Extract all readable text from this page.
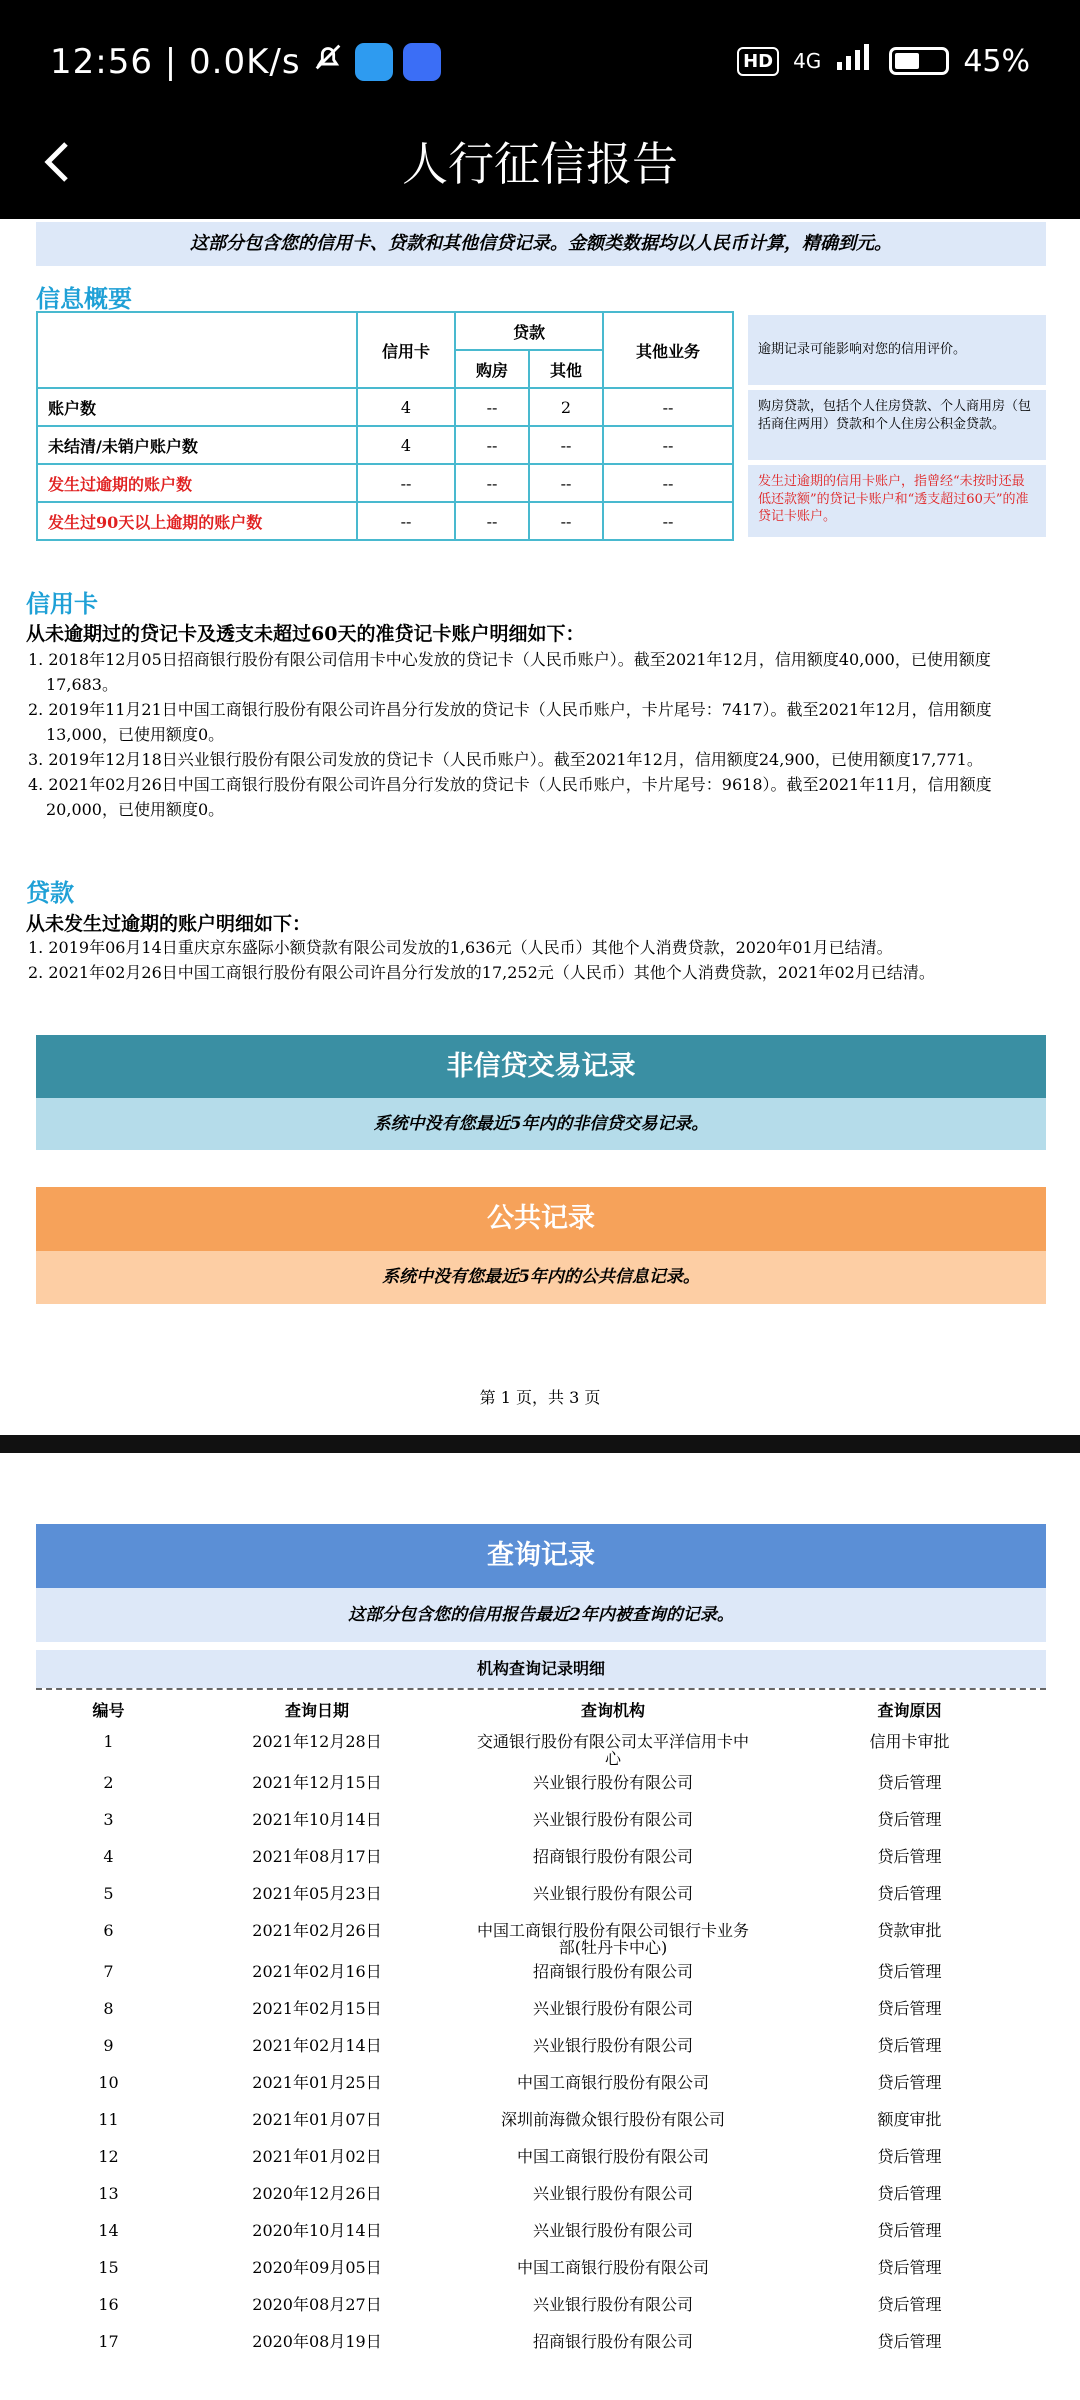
12:56 | 0.0K/s	HD	4G	45%
人行征信报告
这部分包含您的信用卡、贷款和其他信贷记录。金额类数据均以人民币计算，精确到元。
信息概要
	信用卡	贷款		其他业务
		购房	其他	
账户数	4	--	2	--
未结清/未销户账户数	4	--	--	--
发生过逾期的账户数	--	--	--	--
发生过90天以上逾期的账户数	--	--	--	--
逾期记录可能影响对您的信用评价。
购房贷款，包括个人住房贷款、个人商用房（包括商住两用）贷款和个人住房公积金贷款。
发生过逾期的信用卡账户，指曾经“未按时还最低还款额”的贷记卡账户和“透支超过60天”的准贷记卡账户。
信用卡
从未逾期过的贷记卡及透支未超过60天的准贷记卡账户明细如下：
1. 2018年12月05日招商银行股份有限公司信用卡中心发放的贷记卡（人民币账户）。截至2021年12月，信用额度40,000，已使用额度17,683。
2. 2019年11月21日中国工商银行股份有限公司许昌分行发放的贷记卡（人民币账户，卡片尾号：7417）。截至2021年12月，信用额度13,000，已使用额度0。
3. 2019年12月18日兴业银行股份有限公司发放的贷记卡（人民币账户）。截至2021年12月，信用额度24,900，已使用额度17,771。
4. 2021年02月26日中国工商银行股份有限公司许昌分行发放的贷记卡（人民币账户，卡片尾号：9618）。截至2021年11月，信用额度20,000，已使用额度0。
贷款
从未发生过逾期的账户明细如下：
1. 2019年06月14日重庆京东盛际小额贷款有限公司发放的1,636元（人民币）其他个人消费贷款，2020年01月已结清。
2. 2021年02月26日中国工商银行股份有限公司许昌分行发放的17,252元（人民币）其他个人消费贷款，2021年02月已结清。
非信贷交易记录
系统中没有您最近5年内的非信贷交易记录。
公共记录
系统中没有您最近5年内的公共信息记录。
第 1 页，共 3 页
查询记录
这部分包含您的信用报告最近2年内被查询的记录。
机构查询记录明细
编号	查询日期	查询机构	查询原因
1	2021年12月28日	交通银行股份有限公司太平洋信用卡中心	信用卡审批
2	2021年12月15日	兴业银行股份有限公司	贷后管理
3	2021年10月14日	兴业银行股份有限公司	贷后管理
4	2021年08月17日	招商银行股份有限公司	贷后管理
5	2021年05月23日	兴业银行股份有限公司	贷后管理
6	2021年02月26日	中国工商银行股份有限公司银行卡业务部(牡丹卡中心)	贷款审批
7	2021年02月16日	招商银行股份有限公司	贷后管理
8	2021年02月15日	兴业银行股份有限公司	贷后管理
9	2021年02月14日	兴业银行股份有限公司	贷后管理
10	2021年01月25日	中国工商银行股份有限公司	贷后管理
11	2021年01月07日	深圳前海微众银行股份有限公司	额度审批
12	2021年01月02日	中国工商银行股份有限公司	贷后管理
13	2020年12月26日	兴业银行股份有限公司	贷后管理
14	2020年10月14日	兴业银行股份有限公司	贷后管理
15	2020年09月05日	中国工商银行股份有限公司	贷后管理
16	2020年08月27日	兴业银行股份有限公司	贷后管理
17	2020年08月19日	招商银行股份有限公司	贷后管理
